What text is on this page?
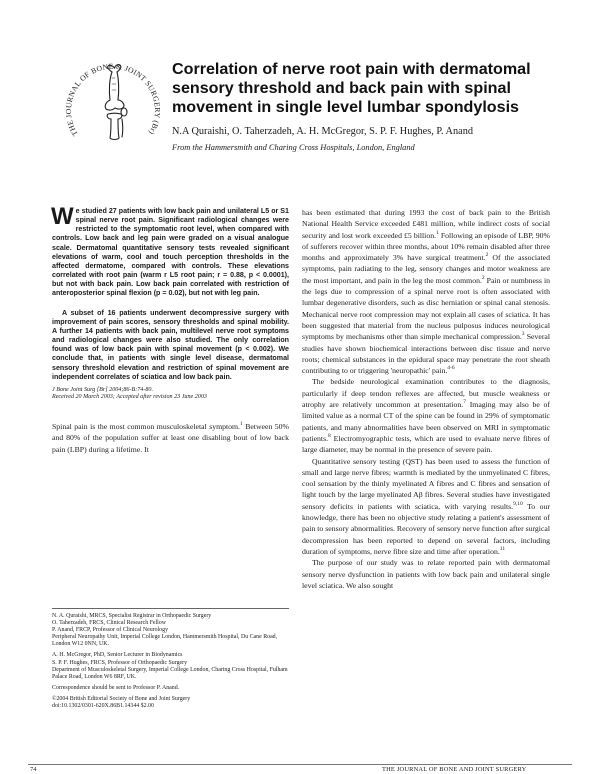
THE JOURNAL OF BONE & JOINT SURGERY (Br)
Correlation of nerve root pain with dermatomal sensory threshold and back pain with spinal movement in single level lumbar spondylosis
N.A Quraishi, O. Taherzadeh, A. H. McGregor, S. P. F. Hughes, P. Anand
From the Hammersmith and Charing Cross Hospitals, London, England

We studied 27 patients with low back pain and unilateral L5 or S1 spinal nerve root pain. Significant radiological changes were restricted to the symptomatic root level, when compared with controls. Low back and leg pain were graded on a visual analogue scale. Dermatomal quantitative sensory tests revealed significant elevations of warm, cool and touch perception thresholds in the affected dermatome, compared with controls. These elevations correlated with root pain (warm r L5 root pain; r = 0.88, p < 0.0001), but not with back pain. Low back pain correlated with restriction of anteroposterior spinal flexion (p = 0.02), but not with leg pain.

A subset of 16 patients underwent decompressive surgery with improvement of pain scores, sensory thresholds and spinal mobility. A further 14 patients with back pain, multilevel nerve root symptoms and radiological changes were also studied. The only correlation found was of low back pain with spinal movement (p < 0.002). We conclude that, in patients with single level disease, dermatomal sensory threshold elevation and restriction of spinal movement are independent correlates of sciatica and low back pain.

J Bone Joint Surg [Br] 2004;86-B:74-80.
Received 20 March 2003; Accepted after revision 23 June 2003

Spinal pain is the most common musculoskeletal symptom.$^1$ Between 50% and 80% of the population suffer at least one disabling bout of low back pain (LBP) during a lifetime. It

N. A. Quraishi, MRCS, Specialist Registrar in Orthopaedic Surgery
O. Taherzadeh, FRCS, Clinical Research Fellow
P. Anand, FRCP, Professor of Clinical Neurology
Peripheral Neuropathy Unit, Imperial College London, Hammersmith Hospital, Du Cane Road, London W12 0NN, UK.

A. H. McGregor, PhD, Senior Lecturer in Biodynamics
S. P. F. Hughes, FRCS, Professor of Orthopaedic Surgery
Department of Musculoskeletal Surgery, Imperial College London, Charing Cross Hospital, Fulham Palace Road, London W6 8RF, UK.

Correspondence should be sent to Professor P. Anand.

©2004 British Editorial Society of Bone and Joint Surgery
doi:10.1302/0301-620X.86B1.14344 $2.00

has been estimated that during 1993 the cost of back pain to the British National Health Service exceeded £481 million, while indirect costs of social security and lost work exceeded £5 billion.$^1$ Following an episode of LBP, 90% of sufferers recover within three months, about 10% remain disabled after three months and approximately 3% have surgical treatment.$^2$ Of the associated symptoms, pain radiating to the leg, sensory changes and motor weakness are the most important, and pain in the leg the most common.$^2$ Pain or numbness in the legs due to compression of a spinal nerve root is often associated with lumbar degenerative disorders, such as disc herniation or spinal canal stenosis. Mechanical nerve root compression may not explain all cases of sciatica. It has been suggested that material from the nucleus pulposus induces neurological symptoms by mechanisms other than simple mechanical compression.$^3$ Several studies have shown biochemical interactions between disc tissue and nerve roots; chemical substances in the epidural space may penetrate the root sheath contributing to or triggering 'neuropathic' pain.$^{4-6}$

The bedside neurological examination contributes to the diagnosis, particularly if deep tendon reflexes are affected, but muscle weakness or atrophy are relatively uncommon at presentation.$^7$ Imaging may also be of limited value as a normal CT of the spine can be found in 29% of symptomatic patients, and many abnormalities have been observed on MRI in symptomatic patients.$^8$ Electromyographic tests, which are used to evaluate nerve fibres of large diameter, may be normal in the presence of severe pain.

Quantitative sensory testing (QST) has been used to assess the function of small and large nerve fibres; warmth is mediated by the unmyelinated C fibres, cool sensation by the thinly myelinated A fibres and C fibres and sensation of light touch by the large myelinated Aβ fibres. Several studies have investigated sensory deficits in patients with sciatica, with varying results.$^{9,10}$ To our knowledge, there has been no objective study relating a patient's assessment of pain to sensory abnormalities. Recovery of sensory nerve function after surgical decompression has been reported to depend on several factors, including duration of symptoms, nerve fibre size and time after operation.$^{11}$

The purpose of our study was to relate reported pain with dermatomal sensory nerve dysfunction in patients with low back pain and unilateral single level sciatica. We also sought

74	THE JOURNAL OF BONE AND JOINT SURGERY
